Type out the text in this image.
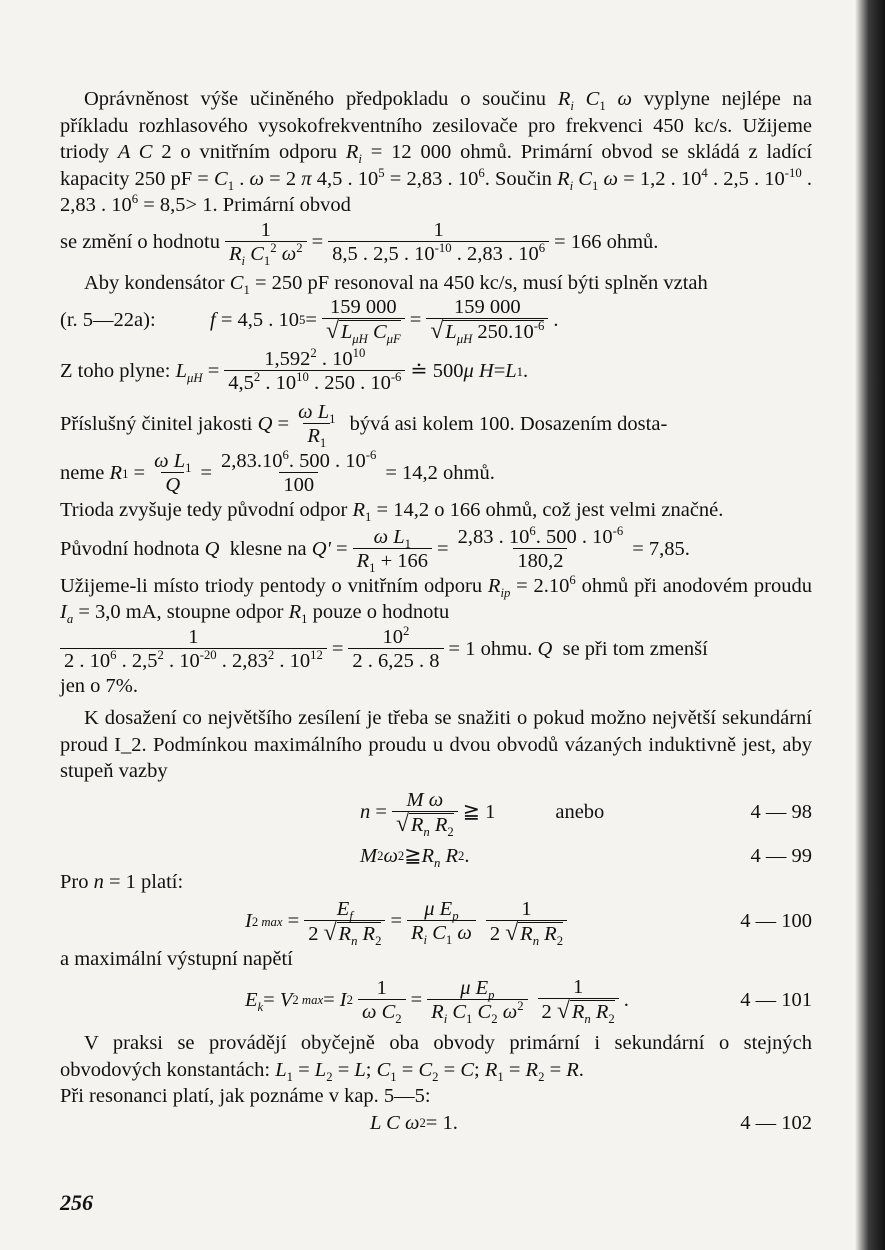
Oprávněnost výše učiněného předpokladu o součinu $R_i$ $C_1$ ω vyplyne nejlépe na příkladu rozhlasového vysokofrekventního zesilovače pro frekvenci 450 kc/s. Užijeme triody A C 2 o vnitřním odporu $R_i = 12$ 000 ohmů. Primární obvod se skládá z ladící kapacity 250 pF = $C_1$ . ω = 2 π 4,5 . $10^5 = 2,83$ . $10^6$. Součin $R_i$ $C_1$ ω = 1,2 . $10^4$ . 2,5 . $10^{-10}$ . 2,83 . $10^6 = 8,5> 1$. Primární obvod

se změní o hodnotu $\frac{1}{R_i C_1^2 \omega^2} = \frac{1}{8,5 . 2,5 . 10^{-10} . 2,83 . 10^6} = 166$ ohmů.

Aby kondensátor $C_1 = 250$ pF resonoval na 450 kc/s, musí býti splněn vztah

(r. 5—22a):	f = 4,5 . 10 $5 = \frac{159 000}{√L_{\mu H} C_{\mu F}} = \frac{159 000}{√L_{\mu H} 250.10^{-6}}$ .
Z toho plyne: $L_{\mu H} = \frac{1,592^2 . 10^{10}}{4,5^2 . 10^{10} . 250 . 10^{-6}}$ ≐ 500 μ H = L 1 .
Příslušný činitel jakosti $Q = \frac{\omega L_1}{R_1}$ bývá asi kolem 100. Dosazením dosta-
neme R $1 = \frac{\omega L_1}{Q} = \frac{2,83.10^6. 500 . 10^{-6}}{100} = 14,2$ ohmů.

Trioda zvyšuje tedy původní odpor $R_1 = 14,2$ o 166 ohmů, což jest velmi značné.

Původní hodnota Q klesne na $Q' = \frac{\omega L_1}{R_1 + 166} = \frac{2,83 . 10^6. 500 . 10^{-6}}{180,2} = 7,85$.

Užijeme-li místo triody pentody o vnitřním odporu $R_{ip} = 2.10^6$ ohmů při anodovém proudu $I_a = 3,0$ mA, stoupne odpor $R_1$ pouze o hodnotu

$\frac{1}{2 . 10^6 . 2,5^2 . 10^{-20} . 2,83^2 . 10^{12}} = \frac{10^2}{2 . 6,25 . 8} = 1$ ohmu. Q se při tom zmenší

jen o 7%.

K dosažení co největšího zesílení je třeba se snažiti o pokud možno největší sekundární proud I_2. Podmínkou maximálního proudu u dvou obvodů vázaných induktivně jest, aby stupeň vazby

$n = \frac{\text{M ω}}{√R_n R_2}$ ≧ 1	anebo	4 — 98
M 2 ω 2 ≧ $R_n$ R 2 .	4 — 99

Pro n = 1 platí:

I 2 $\max = \frac{E_f}{2 √R_n R_2} = \frac{\mu E_p}{R_i C_1 \omega} \frac{1}{2 √R_n R_2}$	4 — 100

a maximální výstupní napětí

$E_k = V$ 2 max = I $2 \frac{1}{\omega C_2} = \frac{\mu E_p}{R_i C_1 C_2 \omega^2} \frac{1}{2 √R_n R_2}$ .	4 — 101

V praksi se provádějí obyčejně oba obvody primární i sekundární o stejných obvodových konstantách: $L_1 = L_2 = L$; $C_1 = C_2 = C$; $R_1 = R_2 = R$.

Při resonanci platí, jak poznáme v kap. 5—5:

L C ω 2 = 1.	4 — 102
256
